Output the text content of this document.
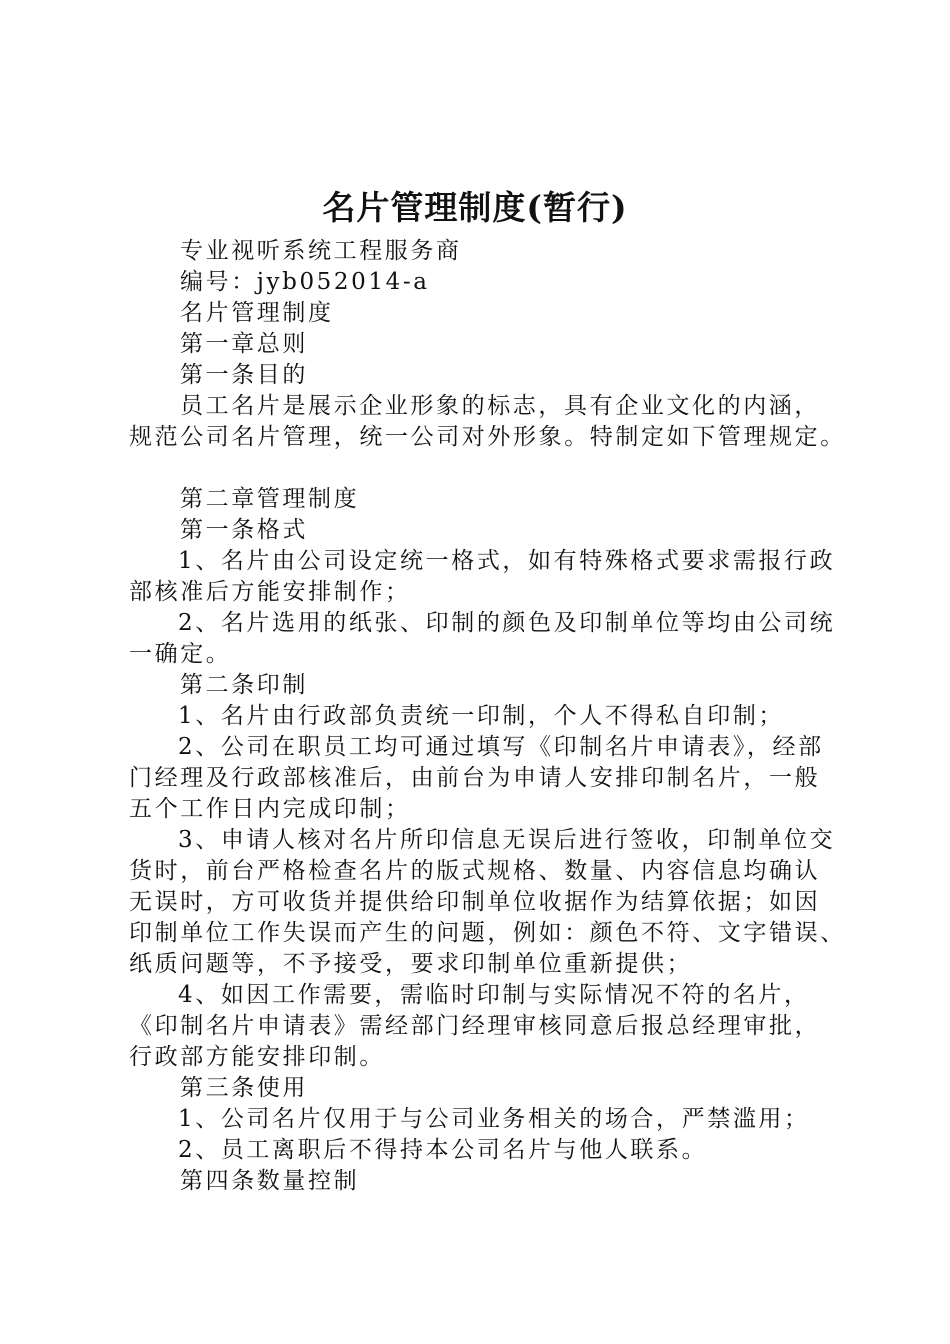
名片管理制度(暂行)
专业视听系统工程服务商
编号：jyb052014-a
名片管理制度
第一章总则
第一条目的
员工名片是展示企业形象的标志，具有企业文化的内涵，
规范公司名片管理，统一公司对外形象。特制定如下管理规定。
第二章管理制度
第一条格式
1、名片由公司设定统一格式，如有特殊格式要求需报行政
部核准后方能安排制作；
2、名片选用的纸张、印制的颜色及印制单位等均由公司统
一确定。
第二条印制
1、名片由行政部负责统一印制，个人不得私自印制；
2、公司在职员工均可通过填写《印制名片申请表》，经部
门经理及行政部核准后，由前台为申请人安排印制名片，一般
五个工作日内完成印制；
3、申请人核对名片所印信息无误后进行签收，印制单位交
货时，前台严格检查名片的版式规格、数量、内容信息均确认
无误时，方可收货并提供给印制单位收据作为结算依据；如因
印制单位工作失误而产生的问题，例如：颜色不符、文字错误、
纸质问题等，不予接受，要求印制单位重新提供；
4、如因工作需要，需临时印制与实际情况不符的名片，
《印制名片申请表》需经部门经理审核同意后报总经理审批，
行政部方能安排印制。
第三条使用
1、公司名片仅用于与公司业务相关的场合，严禁滥用；
2、员工离职后不得持本公司名片与他人联系。
第四条数量控制
